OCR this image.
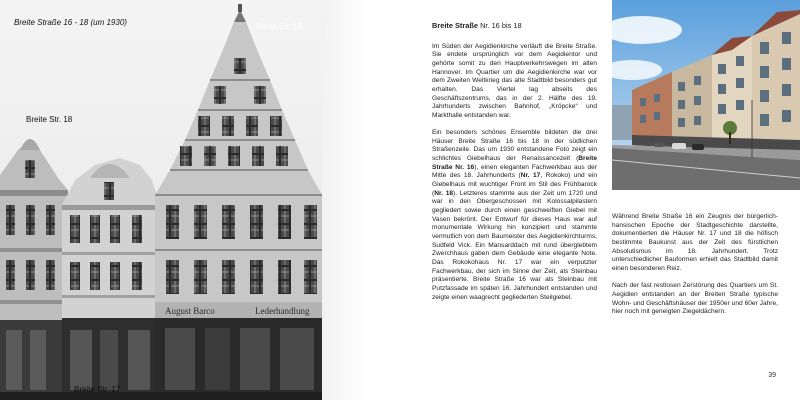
August Barco	Lederhandlung
Breite Straße 16 - 18 (um 1930)	Breite Str. 16
Breite Str. 18
Breite Str. 17

Breite Straße Nr. 16 bis 18

Im Süden der Aegidienkirche verläuft die Breite Straße. Sie endete ursprünglich vor dem Aegidientor und gehörte somit zu den Hauptverkehrswegen im alten Hannover. Im Quartier um die Aegidienkirche war vor dem Zweiten Weltkrieg das alte Stadtbild besonders gut erhalten. Das Viertel lag abseits des Geschäftszentrums, das in der 2. Hälfte des 19. Jahrhunderts zwischen Bahnhof, „Kröpcke“ und Markthalle entstanden war.

Ein besonders schönes Ensemble bildeten die drei Häuser Breite Straße 16 bis 18 in der südlichen Straßenzeile. Das um 1930 entstandene Foto zeigt ein schlichtes Giebelhaus der Renaissancezeit (Breite Straße Nr. 16), einen eleganten Fachwerkbau aus der Mitte des 18. Jahrhunderts (Nr. 17, Rokoko) und ein Giebelhaus mit wuchtiger Front im Stil des Frühbarock (Nr. 18). Letzteres stammte aus der Zeit um 1720 und war in den Obergeschossen mit Kolossalpilastern gegliedert sowie durch einen geschweiften Giebel mit Vasen bekrönt. Der Entwurf für dieses Haus war auf monumentale Wirkung hin konzipiert und stammte vermutlich von dem Baumeister des Aegidienkirchturms, Sudfeld Vick. Ein Mansarddach mit rund überglebtem Zwerchhaus gaben dem Gebäude eine elegante Note. Das Rokokohaus Nr. 17 war ein verputzter Fachwerkbau, der sich im Sinne der Zeit, als Steinbau präsentierte. Breite Straße 16 war als Steinbau mit Putzfassade im späten 16. Jahrhundert entstanden und zeigte einen waagrecht gegliederten Steilgiebel.

Während Breite Straße 16 ein Zeugnis der bürgerlich-hansischen Epoche der Stadtgeschichte darstellte, dokumentierten die Häuser Nr. 17 und 18 die höfisch bestimmte Baukunst aus der Zeit des fürstlichen Absolutismus im 18. Jahrhundert. Trotz unterschiedlicher Bauformen erhielt das Stadtbild damit einen besonderen Reiz.

Nach der fast restlosen Zerstörung des Quartiers um St. Aegidien entstanden an der Breiten Straße typische Wohn- und Geschäftshäuser der 1950er und 60er Jahre, hier noch mit geneigten Ziegeldächern.

39
